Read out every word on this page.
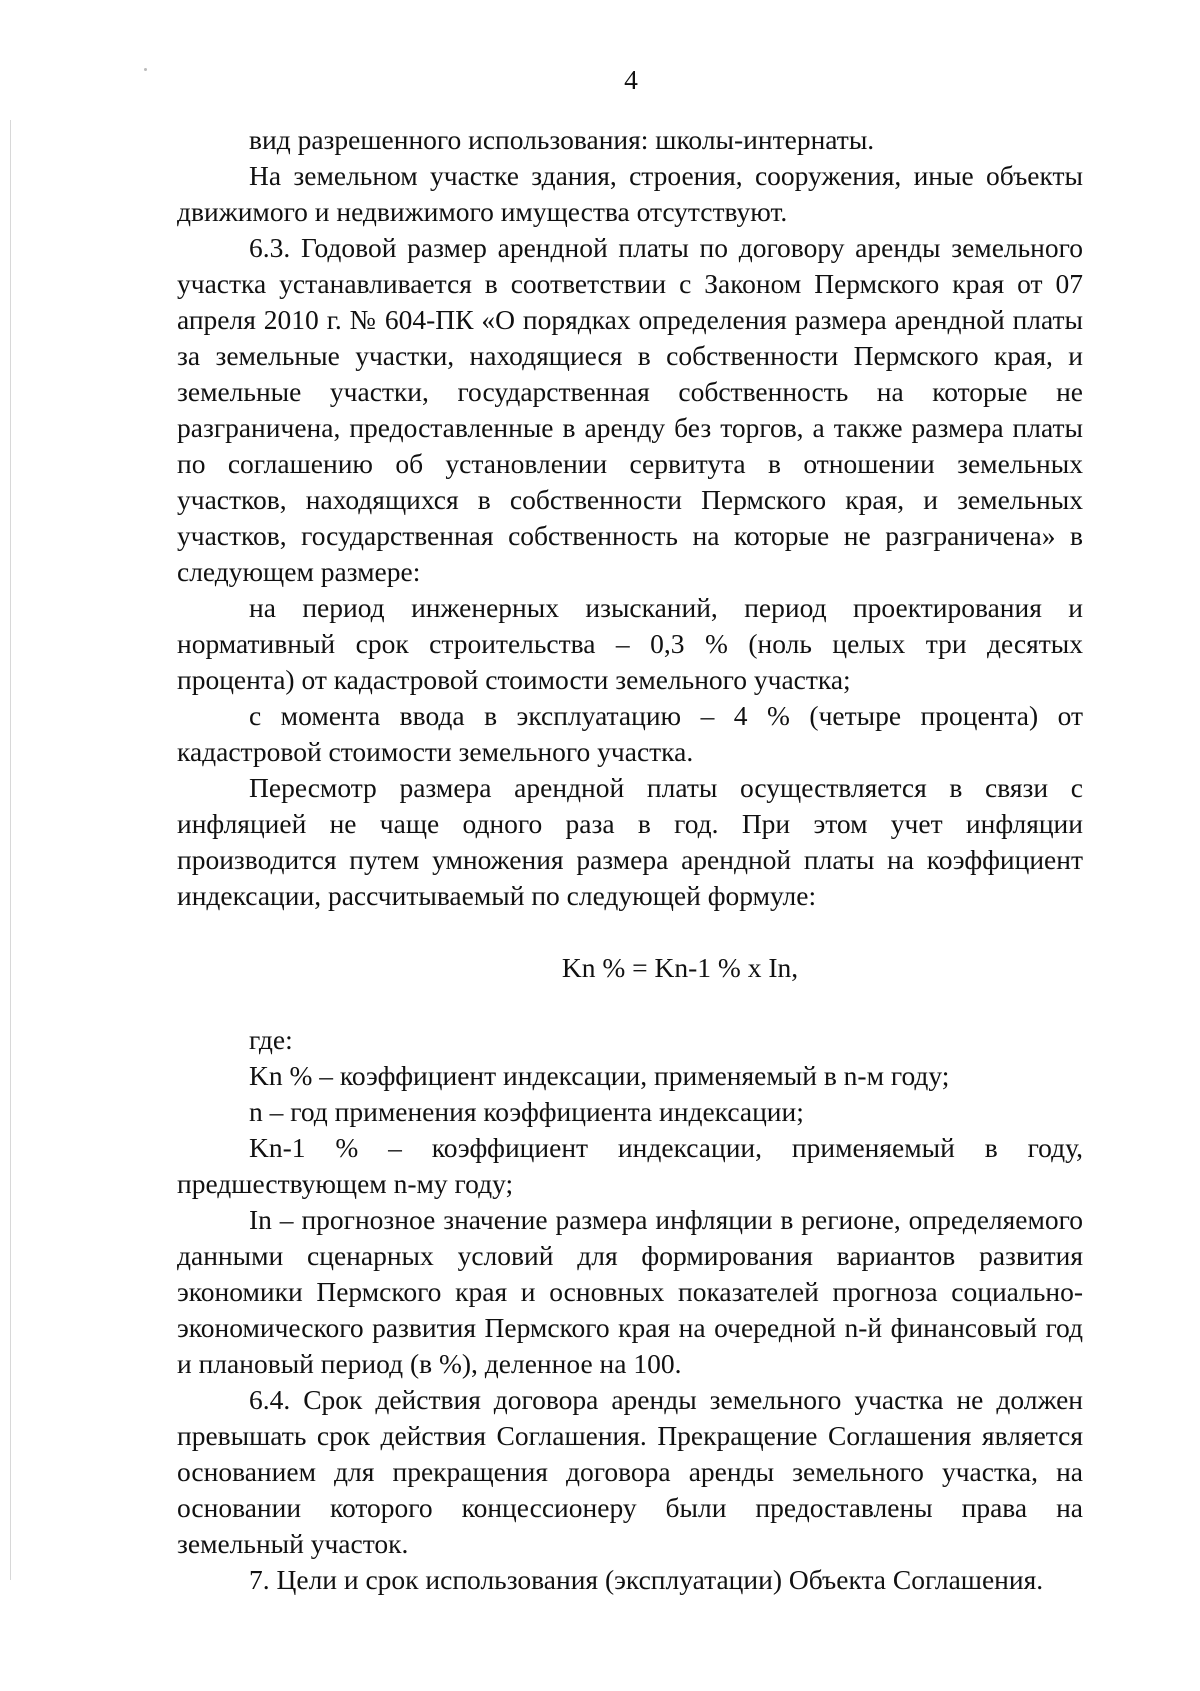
4

вид разрешенного использования: школы-интернаты.

На земельном участке здания, строения, сооружения, иные объекты движимого и недвижимого имущества отсутствуют.

6.3. Годовой размер арендной платы по договору аренды земельного участка устанавливается в соответствии с Законом Пермского края от 07 апреля 2010 г. № 604-ПК «О порядках определения размера арендной платы за земельные участки, находящиеся в собственности Пермского края, и земельные участки, государственная собственность на которые не разграничена, предоставленные в аренду без торгов, а также размера платы по соглашению об установлении сервитута в отношении земельных участков, находящихся в собственности Пермского края, и земельных участков, государственная собственность на которые не разграничена» в следующем размере:

на период инженерных изысканий, период проектирования и нормативный срок строительства – 0,3 % (ноль целых три десятых процента) от кадастровой стоимости земельного участка;

с момента ввода в эксплуатацию – 4 % (четыре процента) от кадастровой стоимости земельного участка.

Пересмотр размера арендной платы осуществляется в связи с инфляцией не чаще одного раза в год. При этом учет инфляции производится путем умножения размера арендной платы на коэффициент индексации, рассчитываемый по следующей формуле:

Kn % = Kn-1 % x In,

где:

Kn % – коэффициент индексации, применяемый в n-м году;

n – год применения коэффициента индексации;

Kn-1 % – коэффициент индексации, применяемый в году, предшествующем n-му году;

In – прогнозное значение размера инфляции в регионе, определяемого данными сценарных условий для формирования вариантов развития экономики Пермского края и основных показателей прогноза социально-экономического развития Пермского края на очередной n-й финансовый год и плановый период (в %), деленное на 100.

6.4. Срок действия договора аренды земельного участка не должен превышать срок действия Соглашения. Прекращение Соглашения является основанием для прекращения договора аренды земельного участка, на основании которого концессионеру были предоставлены права на земельный участок.

7. Цели и срок использования (эксплуатации) Объекта Соглашения.
